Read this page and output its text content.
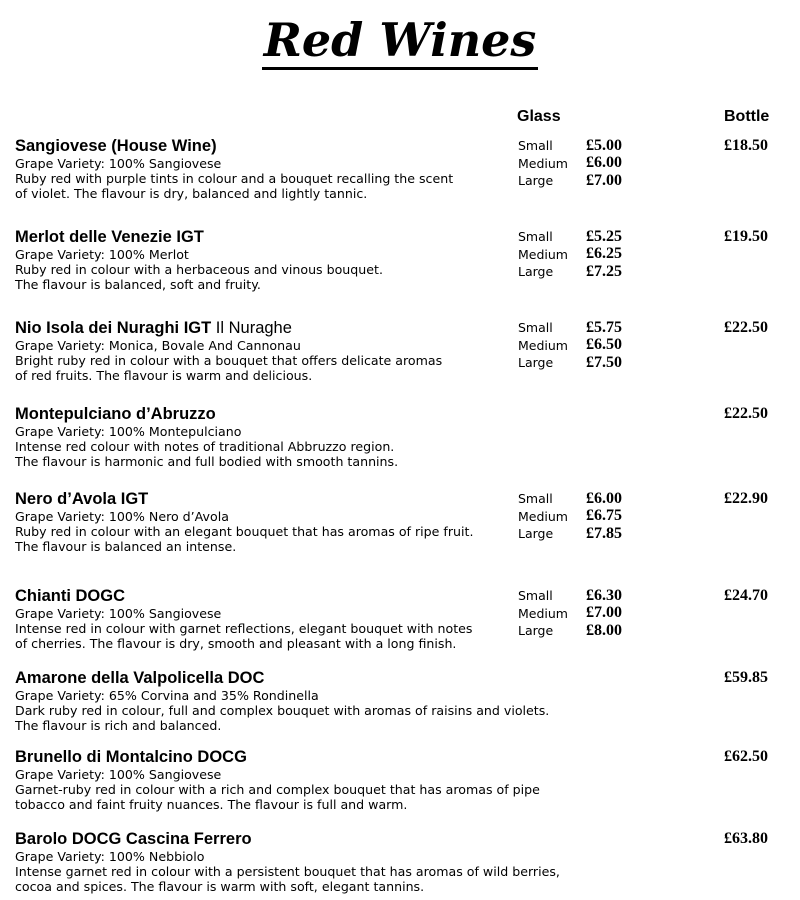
Red Wines
Glass	Bottle
Sangiovese (House Wine)
Grape Variety: 100% Sangiovese
Ruby red with purple tints in colour and a bouquet recalling the scent
of violet. The flavour is dry, balanced and lightly tannic.
Small	£5.00
Medium	£6.00
Large	£7.00
£18.50
Merlot delle Venezie IGT
Grape Variety: 100% Merlot
Ruby red in colour with a herbaceous and vinous bouquet.
The flavour is balanced, soft and fruity.
Small	£5.25
Medium	£6.25
Large	£7.25
£19.50
Nio Isola dei Nuraghi IGT Il Nuraghe
Grape Variety: Monica, Bovale And Cannonau
Bright ruby red in colour with a bouquet that offers delicate aromas
of red fruits. The flavour is warm and delicious.
Small	£5.75
Medium	£6.50
Large	£7.50
£22.50
Montepulciano d’Abruzzo
Grape Variety: 100% Montepulciano
Intense red colour with notes of traditional Abbruzzo region.
The flavour is harmonic and full bodied with smooth tannins.
£22.50
Nero d’Avola IGT
Grape Variety: 100% Nero d’Avola
Ruby red in colour with an elegant bouquet that has aromas of ripe fruit.
The flavour is balanced an intense.
Small	£6.00
Medium	£6.75
Large	£7.85
£22.90
Chianti DOGC
Grape Variety: 100% Sangiovese
Intense red in colour with garnet reflections, elegant bouquet with notes
of cherries. The flavour is dry, smooth and pleasant with a long finish.
Small	£6.30
Medium	£7.00
Large	£8.00
£24.70
Amarone della Valpolicella DOC
Grape Variety: 65% Corvina and 35% Rondinella
Dark ruby red in colour, full and complex bouquet with aromas of raisins and violets.
The flavour is rich and balanced.
£59.85
Brunello di Montalcino DOCG
Grape Variety: 100% Sangiovese
Garnet-ruby red in colour with a rich and complex bouquet that has aromas of pipe
tobacco and faint fruity nuances. The flavour is full and warm.
£62.50
Barolo DOCG Cascina Ferrero
Grape Variety: 100% Nebbiolo
Intense garnet red in colour with a persistent bouquet that has aromas of wild berries,
cocoa and spices. The flavour is warm with soft, elegant tannins.
£63.80
